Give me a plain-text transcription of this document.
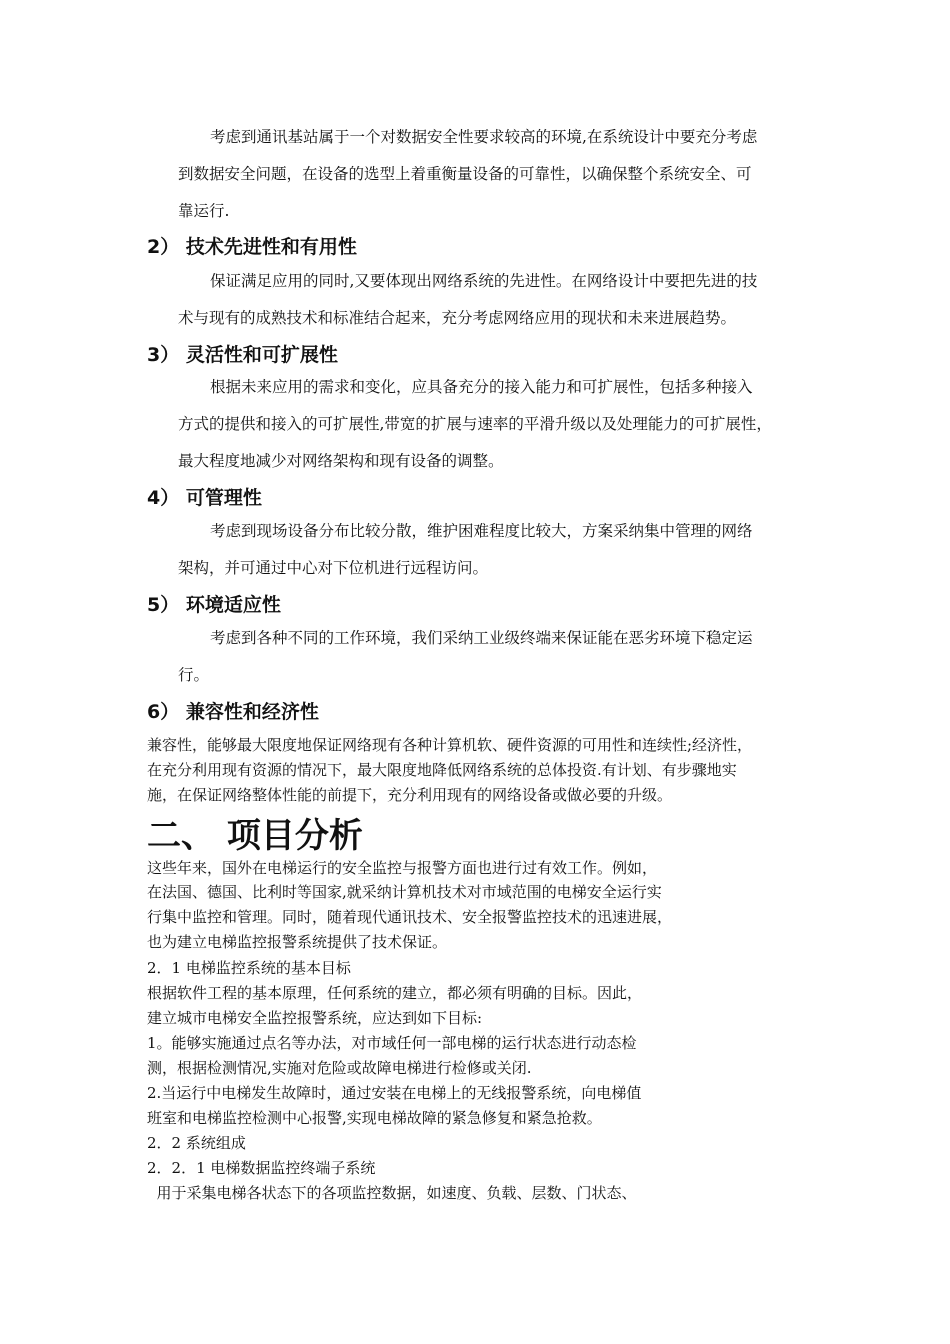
考虑到通讯基站属于一个对数据安全性要求较高的环境,在系统设计中要充分考虑
到数据安全问题，在设备的选型上着重衡量设备的可靠性，以确保整个系统安全、可
靠运行.
2） 技术先进性和有用性
保证满足应用的同时,又要体现出网络系统的先进性。在网络设计中要把先进的技
术与现有的成熟技术和标准结合起来，充分考虑网络应用的现状和未来进展趋势。
3） 灵活性和可扩展性
根据未来应用的需求和变化，应具备充分的接入能力和可扩展性，包括多种接入
方式的提供和接入的可扩展性,带宽的扩展与速率的平滑升级以及处理能力的可扩展性，
最大程度地减少对网络架构和现有设备的调整。
4） 可管理性
考虑到现场设备分布比较分散，维护困难程度比较大，方案采纳集中管理的网络
架构，并可通过中心对下位机进行远程访问。
5） 环境适应性
考虑到各种不同的工作环境，我们采纳工业级终端来保证能在恶劣环境下稳定运
行。
6） 兼容性和经济性
兼容性，能够最大限度地保证网络现有各种计算机软、硬件资源的可用性和连续性;经济性，
在充分利用现有资源的情况下，最大限度地降低网络系统的总体投资.有计划、有步骤地实
施，在保证网络整体性能的前提下，充分利用现有的网络设备或做必要的升级。
二、 项目分析
这些年来，国外在电梯运行的安全监控与报警方面也进行过有效工作。例如，
在法国、德国、比利时等国家,就采纳计算机技术对市域范围的电梯安全运行实
行集中监控和管理。同时，随着现代通讯技术、安全报警监控技术的迅速进展，
也为建立电梯监控报警系统提供了技术保证。
2．1 电梯监控系统的基本目标
根据软件工程的基本原理，任何系统的建立，都必须有明确的目标。因此，
建立城市电梯安全监控报警系统，应达到如下目标:
1。能够实施通过点名等办法，对市域任何一部电梯的运行状态进行动态检
测，根据检测情况,实施对危险或故障电梯进行检修或关闭.
2.当运行中电梯发生故障时，通过安装在电梯上的无线报警系统，向电梯值
班室和电梯监控检测中心报警,实现电梯故障的紧急修复和紧急抢救。
2．2 系统组成
2．2．1 电梯数据监控终端子系统
用于采集电梯各状态下的各项监控数据，如速度、负载、层数、门状态、
